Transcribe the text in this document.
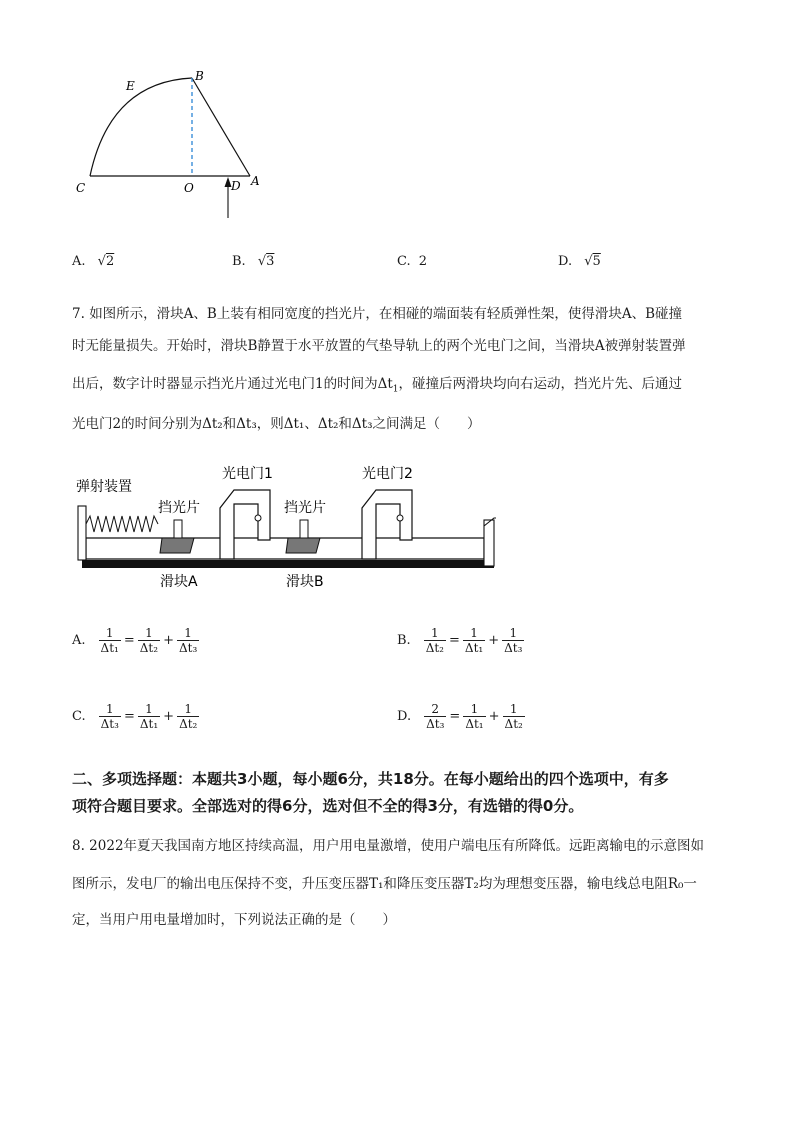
E
B
C	O	D A
A. √2	B. √3	C. 2	D. √5
7. 如图所示，滑块A、B上装有相同宽度的挡光片，在相碰的端面装有轻质弹性架，使得滑块A、B碰撞
时无能量损失。开始时，滑块B静置于水平放置的气垫导轨上的两个光电门之间，当滑块A被弹射装置弹
出后，数字计时器显示挡光片通过光电门1的时间为$\Delta t_1$，碰撞后两滑块均向右运动，挡光片先、后通过
光电门2的时间分别为Δt₂和Δt₃，则Δt₁、Δt₂和Δt₃之间满足（　　）
弹射装置
挡光片	挡光片
光电门1	光电门2
滑块A	滑块B
A. $\frac{1}{\text{Δt₁}} = \frac{1}{\text{Δt₂}} + \frac{1}{\text{Δt₃}}$	B. $\frac{1}{\text{Δt₂}} = \frac{1}{\text{Δt₁}} + \frac{1}{\text{Δt₃}}$
C. $\frac{1}{\text{Δt₃}} = \frac{1}{\text{Δt₁}} + \frac{1}{\text{Δt₂}}$	D. $\frac{2}{\text{Δt₃}} = \frac{1}{\text{Δt₁}} + \frac{1}{\text{Δt₂}}$
二、多项选择题：本题共3小题，每小题6分，共18分。在每小题给出的四个选项中，有多
项符合题目要求。全部选对的得6分，选对但不全的得3分，有选错的得0分。
8. 2022年夏天我国南方地区持续高温，用户用电量激增，使用户端电压有所降低。远距离输电的示意图如
图所示，发电厂的输出电压保持不变，升压变压器T₁和降压变压器T₂均为理想变压器，输电线总电阻R₀一
定，当用户用电量增加时，下列说法正确的是（　　）
